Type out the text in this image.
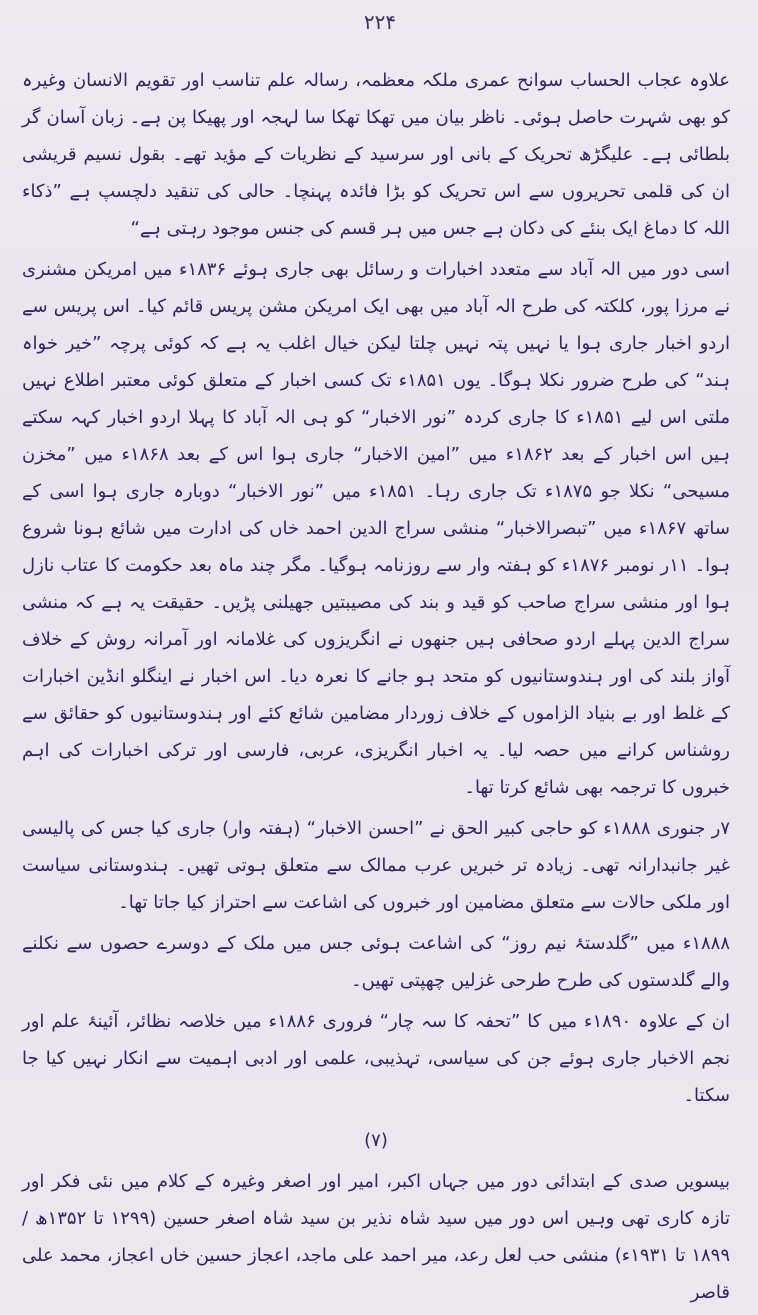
۲۲۴

علاوہ عجاب الحساب سوانح عمری ملکہ معظمہ، رسالہ علم تناسب اور تقویم الانسان وغیرہ کو بھی شہرت حاصل ہوئی۔ ناظر بیان میں تھکا تھکا سا لہجہ اور پھیکا پن ہے۔ زبان آسان گر بلطائی ہے۔ علیگڑھ تحریک کے بانی اور سرسید کے نظریات کے مؤید تھے۔ بقول نسیم قریشی ان کی قلمی تحریروں سے اس تحریک کو بڑا فائدہ پہنچا۔ حالی کی تنقید دلچسپ ہے ”ذکاء اللہ کا دماغ ایک بنئے کی دکان ہے جس میں ہر قسم کی جنس موجود رہتی ہے“

اسی دور میں الہ آباد سے متعدد اخبارات و رسائل بھی جاری ہوئے ۱۸۳۶ء میں امریکن مشنری نے مرزا پور، کلکتہ کی طرح الہ آباد میں بھی ایک امریکن مشن پریس قائم کیا۔ اس پریس سے اردو اخبار جاری ہوا یا نہیں پتہ نہیں چلتا لیکن خیال اغلب یہ ہے کہ کوئی پرچہ ”خیر خواہ ہند“ کی طرح ضرور نکلا ہوگا۔ یوں ۱۸۵۱ء تک کسی اخبار کے متعلق کوئی معتبر اطلاع نہیں ملتی اس لیے ۱۸۵۱ء کا جاری کردہ ”نور الاخبار“ کو ہی الہ آباد کا پہلا اردو اخبار کہہ سکتے ہیں اس اخبار کے بعد ۱۸۶۲ء میں ”امین الاخبار“ جاری ہوا اس کے بعد ۱۸۶۸ء میں ”مخزن مسیحی“ نکلا جو ۱۸۷۵ء تک جاری رہا۔ ۱۸۵۱ء میں ”نور الاخبار“ دوبارہ جاری ہوا اسی کے ساتھ ۱۸۶۷ء میں ”تبصرالاخبار“ منشی سراج الدین احمد خاں کی ادارت میں شائع ہونا شروع ہوا۔ ۱۱ر نومبر ۱۸۷۶ء کو ہفتہ وار سے روزنامہ ہوگیا۔ مگر چند ماہ بعد حکومت کا عتاب نازل ہوا اور منشی سراج صاحب کو قید و بند کی مصیبتیں جھیلنی پڑیں۔ حقیقت یہ ہے کہ منشی سراج الدین پہلے اردو صحافی ہیں جنھوں نے انگریزوں کی غلامانہ اور آمرانہ روش کے خلاف آواز بلند کی اور ہندوستانیوں کو متحد ہو جانے کا نعرہ دیا۔ اس اخبار نے اینگلو انڈین اخبارات کے غلط اور بے بنیاد الزاموں کے خلاف زوردار مضامین شائع کئے اور ہندوستانیوں کو حقائق سے روشناس کرانے میں حصہ لیا۔ یہ اخبار انگریزی، عربی، فارسی اور ترکی اخبارات کی اہم خبروں کا ترجمہ بھی شائع کرتا تھا۔

۷ر جنوری ۱۸۸۸ء کو حاجی کبیر الحق نے ”احسن الاخبار“ (ہفتہ وار) جاری کیا جس کی پالیسی غیر جانبدارانہ تھی۔ زیادہ تر خبریں عرب ممالک سے متعلق ہوتی تھیں۔ ہندوستانی سیاست اور ملکی حالات سے متعلق مضامین اور خبروں کی اشاعت سے احتراز کیا جاتا تھا۔

۱۸۸۸ء میں ”گلدستۂ نیم روز“ کی اشاعت ہوئی جس میں ملک کے دوسرے حصوں سے نکلنے والے گلدستوں کی طرح طرحی غزلیں چھپتی تھیں۔

ان کے علاوہ ۱۸۹۰ء میں کا ”تحفہ کا سہ چار“ فروری ۱۸۸۶ء میں خلاصہ نظائر، آئینۂ علم اور نجم الاخبار جاری ہوئے جن کی سیاسی، تہذیبی، علمی اور ادبی اہمیت سے انکار نہیں کیا جا سکتا۔

(۷)

بیسویں صدی کے ابتدائی دور میں جہاں اکبر، امیر اور اصغر وغیرہ کے کلام میں نئی فکر اور تازہ کاری تھی وہیں اس دور میں سید شاہ نذیر بن سید شاہ اصغر حسین (۱۲۹۹ تا ۱۳۵۲ھ / ۱۸۹۹ تا ۱۹۳۱ء) منشی حب لعل رعد، میر احمد علی ماجد، اعجاز حسین خاں اعجاز، محمد علی قاصر
